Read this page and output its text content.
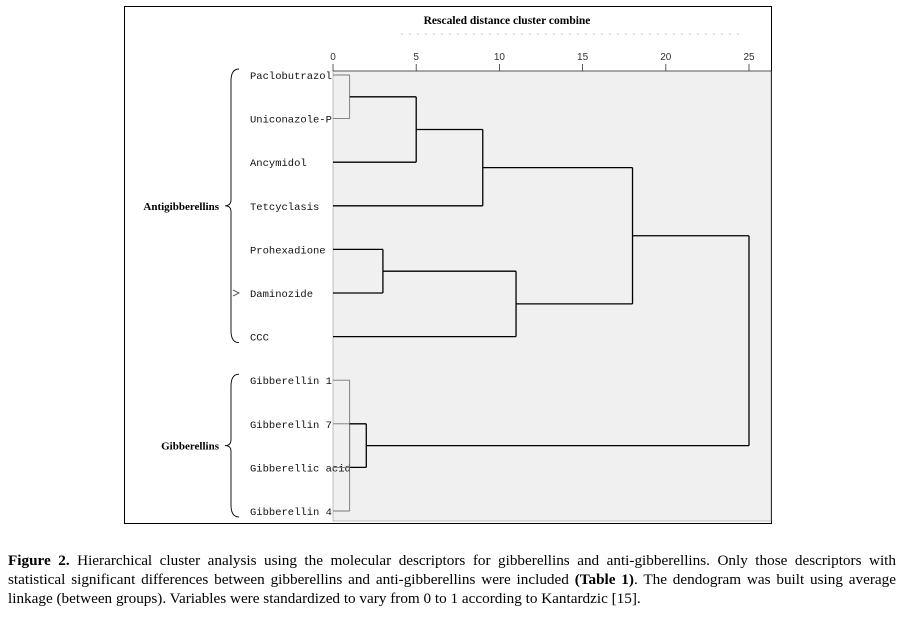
Rescaled distance cluster combine
0	5	10	15	20	25
Paclobutrazol
Uniconazole-P
Ancymidol
Tetcyclasis
Prohexadione
Daminozide
CCC
Gibberellin 1
Gibberellin 7
Gibberellic acid
Gibberellin 4
Antigibberellins
Gibberellins

Figure 2. Hierarchical cluster analysis using the molecular descriptors for gibberellins and anti-gibberellins. Only those descriptors with statistical significant differences between gibberellins and anti-gibberellins were included (Table 1). The dendogram was built using average linkage (between groups). Variables were standardized to vary from 0 to 1 according to Kantardzic [15].
